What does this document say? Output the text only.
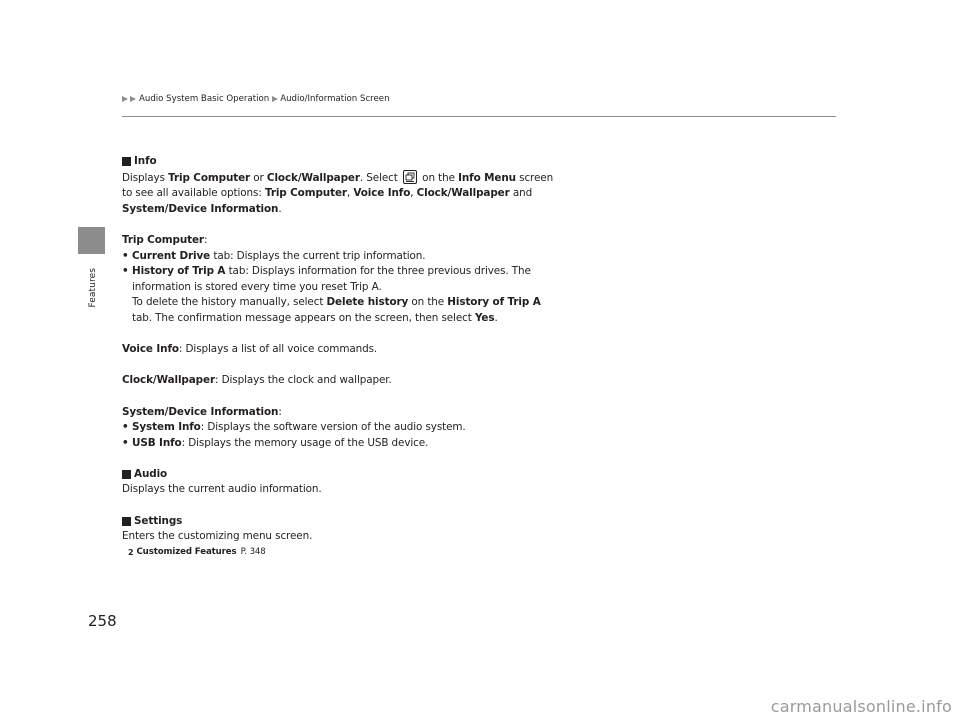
Features
Audio System Basic Operation Audio/Information Screen
Info

Displays Trip Computer or Clock/Wallpaper. Select
on the Info Menu screen

to see all available options: Trip Computer, Voice Info, Clock/Wallpaper and

System/Device Information.

Trip Computer:

• Current Drive tab: Displays the current trip information.

• History of Trip A tab: Displays information for the three previous drives. The

information is stored every time you reset Trip A.

To delete the history manually, select Delete history on the History of Trip A

tab. The confirmation message appears on the screen, then select Yes.

Voice Info: Displays a list of all voice commands.

Clock/Wallpaper: Displays the clock and wallpaper.

System/Device Information:

• System Info: Displays the software version of the audio system.

• USB Info: Displays the memory usage of the USB device.

Audio

Displays the current audio information.

Settings

Enters the customizing menu screen.

2 Customized Features P. 348
258
carmanualsonline.info
